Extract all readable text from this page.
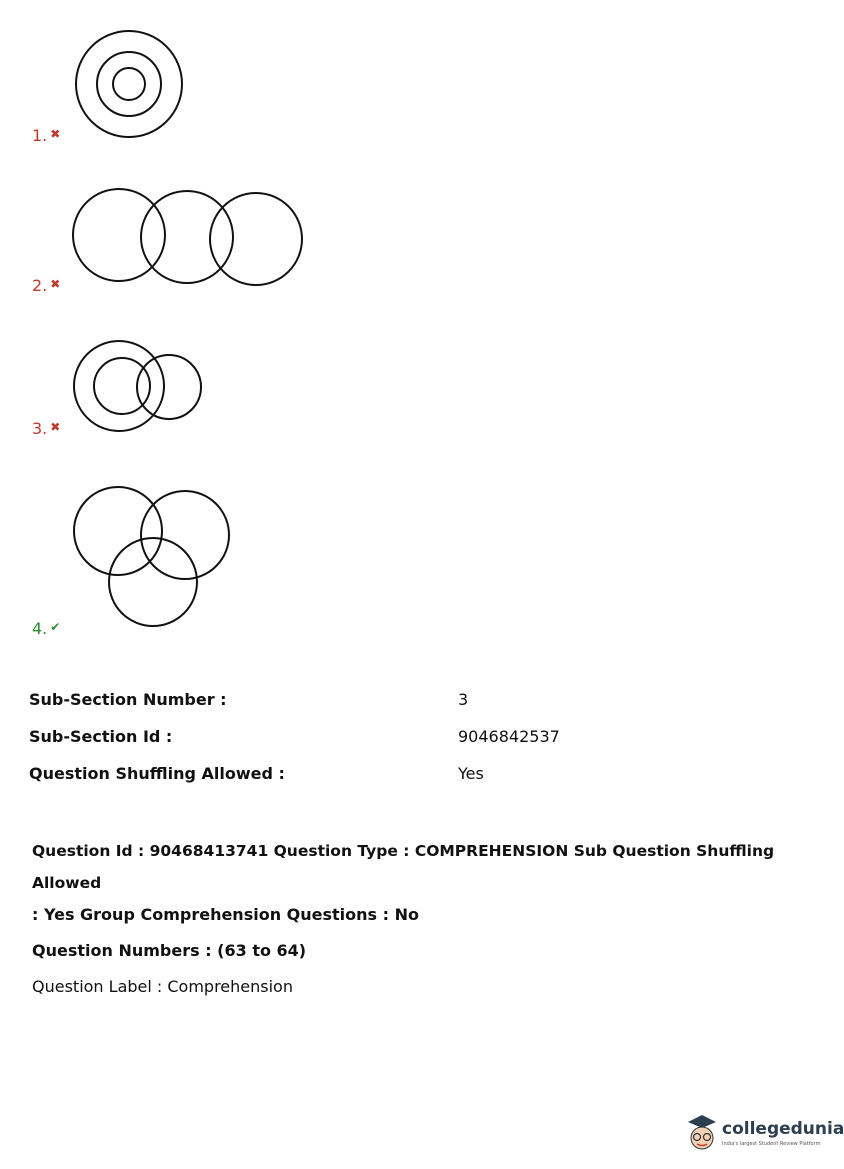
1. ✖
2. ✖
3. ✖
4. ✔
Sub-Section Number :	3
Sub-Section Id :	9046842537
Question Shuffling Allowed :	Yes
Question Id : 90468413741 Question Type : COMPREHENSION Sub Question Shuffling Allowed
: Yes Group Comprehension Questions : No
Question Numbers : (63 to 64)
Question Label : Comprehension
collegedunia
India's largest Student Review Platform
